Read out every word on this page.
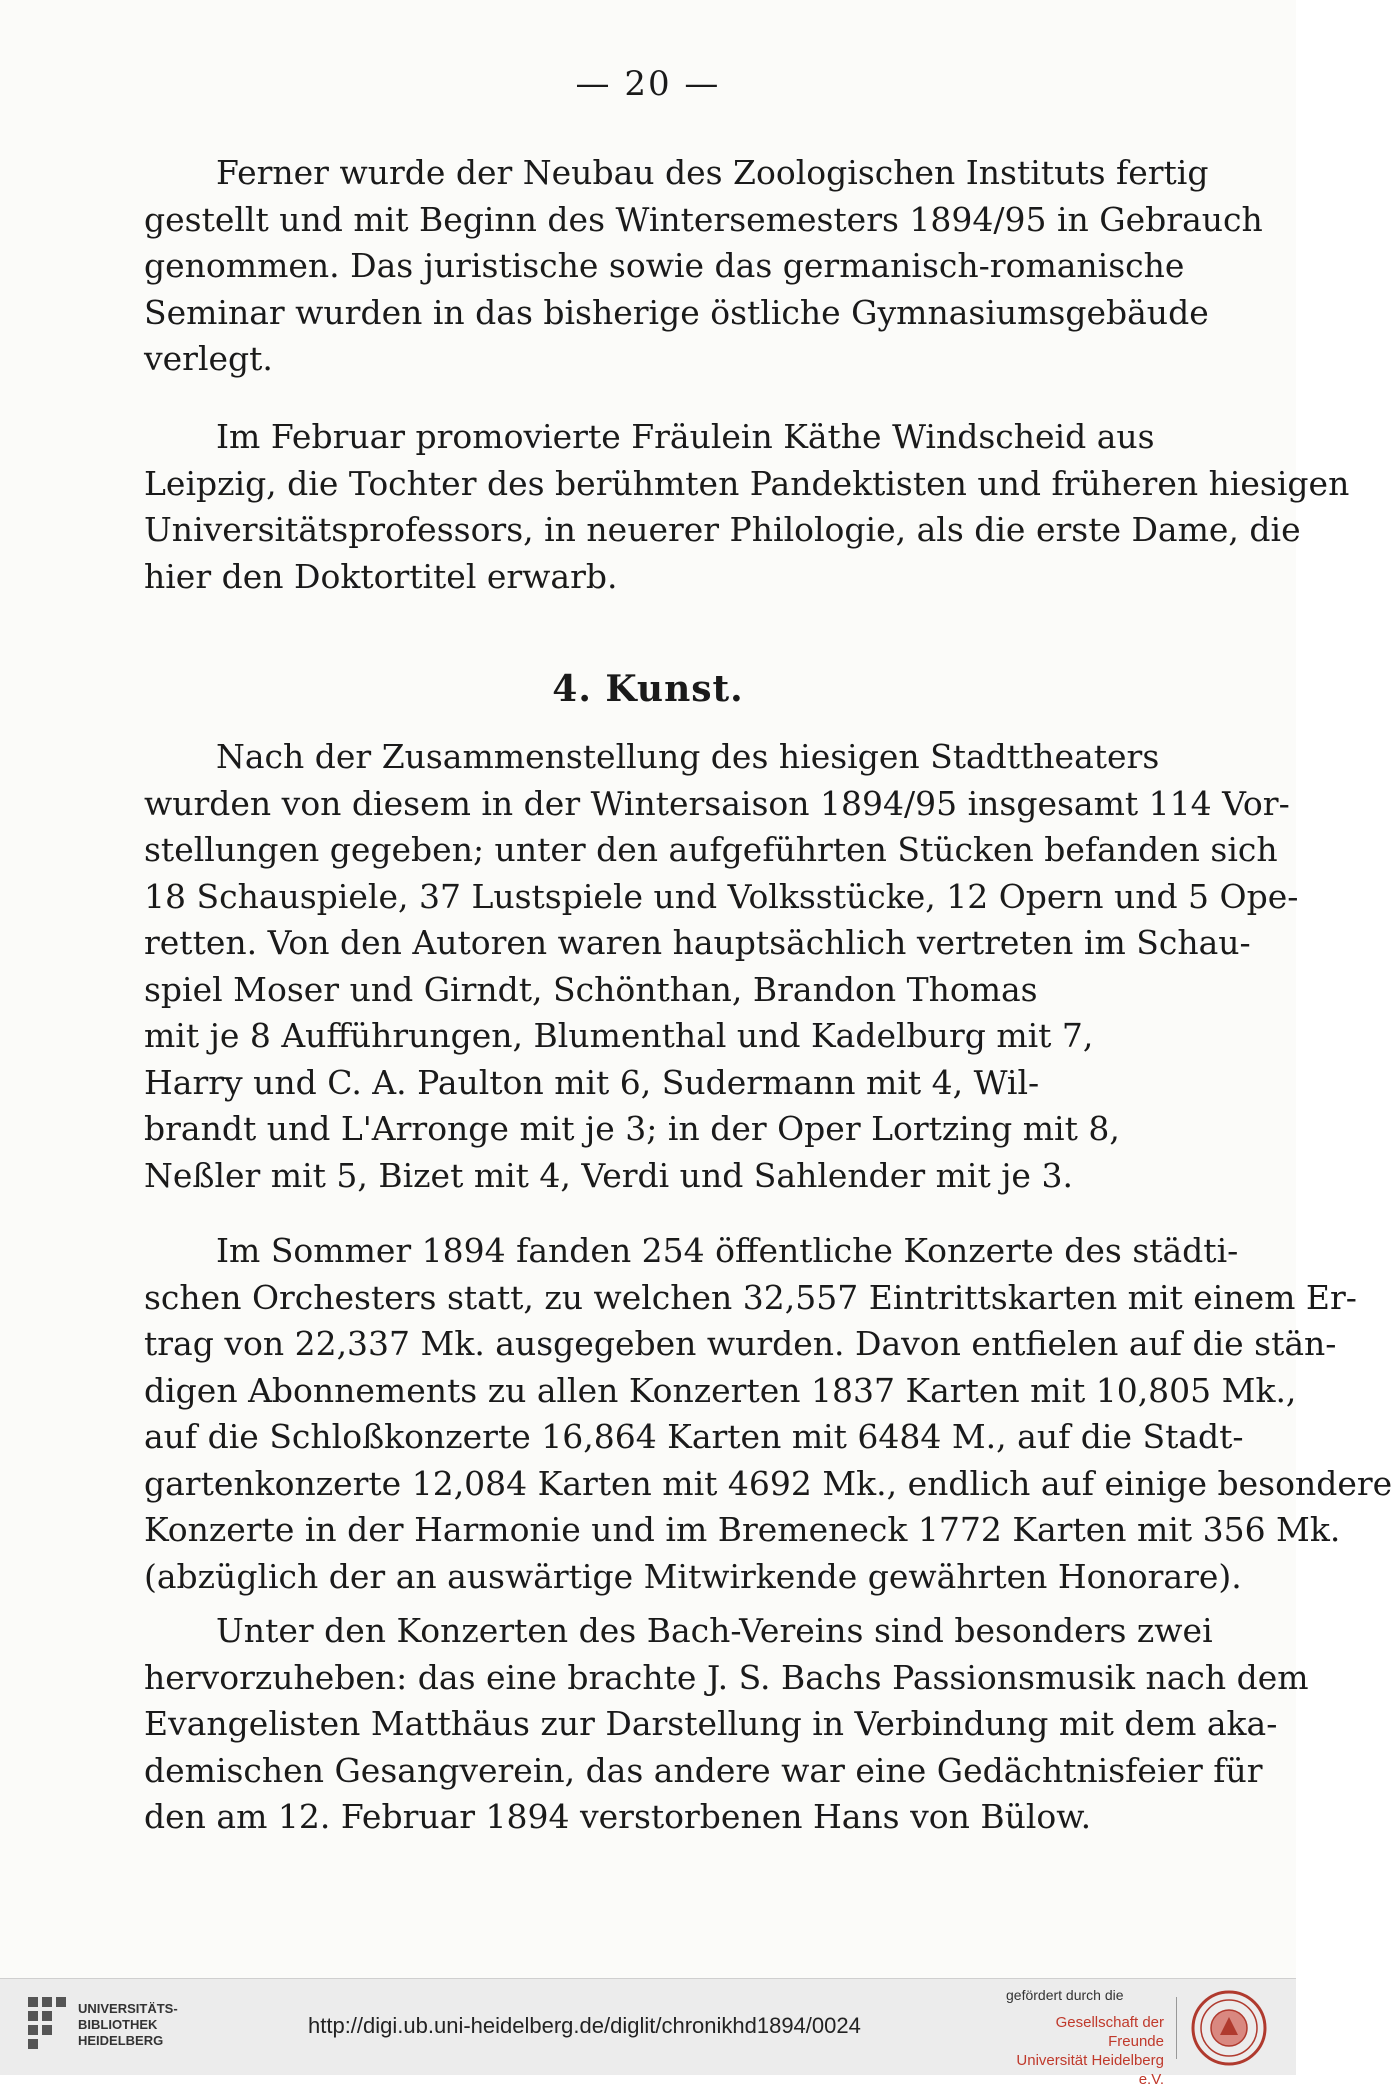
— 20 —
Ferner wurde der Neubau des Zoologischen Instituts fertig
gestellt und mit Beginn des Wintersemesters 1894/95 in Gebrauch
genommen. Das juristische sowie das germanisch-romanische
Seminar wurden in das bisherige östliche Gymnasiumsgebäude
verlegt.
Im Februar promovierte Fräulein Käthe Windscheid aus
Leipzig, die Tochter des berühmten Pandektisten und früheren hiesigen
Universitätsprofessors, in neuerer Philologie, als die erste Dame, die
hier den Doktortitel erwarb.
4. Kunst.
Nach der Zusammenstellung des hiesigen Stadttheaters
wurden von diesem in der Wintersaison 1894/95 insgesamt 114 Vor-
stellungen gegeben; unter den aufgeführten Stücken befanden sich
18 Schauspiele, 37 Lustspiele und Volksstücke, 12 Opern und 5 Ope-
retten. Von den Autoren waren hauptsächlich vertreten im Schau-
spiel Moser und Girndt, Schönthan, Brandon Thomas
mit je 8 Aufführungen, Blumenthal und Kadelburg mit 7,
Harry und C. A. Paulton mit 6, Sudermann mit 4, Wil-
brandt und L'Arronge mit je 3; in der Oper Lortzing mit 8,
Neßler mit 5, Bizet mit 4, Verdi und Sahlender mit je 3.
Im Sommer 1894 fanden 254 öffentliche Konzerte des städti-
schen Orchesters statt, zu welchen 32,557 Eintrittskarten mit einem Er-
trag von 22,337 Mk. ausgegeben wurden. Davon entfielen auf die stän-
digen Abonnements zu allen Konzerten 1837 Karten mit 10,805 Mk.,
auf die Schloßkonzerte 16,864 Karten mit 6484 M., auf die Stadt-
gartenkonzerte 12,084 Karten mit 4692 Mk., endlich auf einige besondere
Konzerte in der Harmonie und im Bremeneck 1772 Karten mit 356 Mk.
(abzüglich der an auswärtige Mitwirkende gewährten Honorare).
Unter den Konzerten des Bach-Vereins sind besonders zwei
hervorzuheben: das eine brachte J. S. Bachs Passionsmusik nach dem
Evangelisten Matthäus zur Darstellung in Verbindung mit dem aka-
demischen Gesangverein, das andere war eine Gedächtnisfeier für
den am 12. Februar 1894 verstorbenen Hans von Bülow.
UNIVERSITÄTS-
BIBLIOTHEK
HEIDELBERG
http://digi.ub.uni-heidelberg.de/diglit/chronikhd1894/0024
gefördert durch die
Gesellschaft der Freunde
Universität Heidelberg e.V.
